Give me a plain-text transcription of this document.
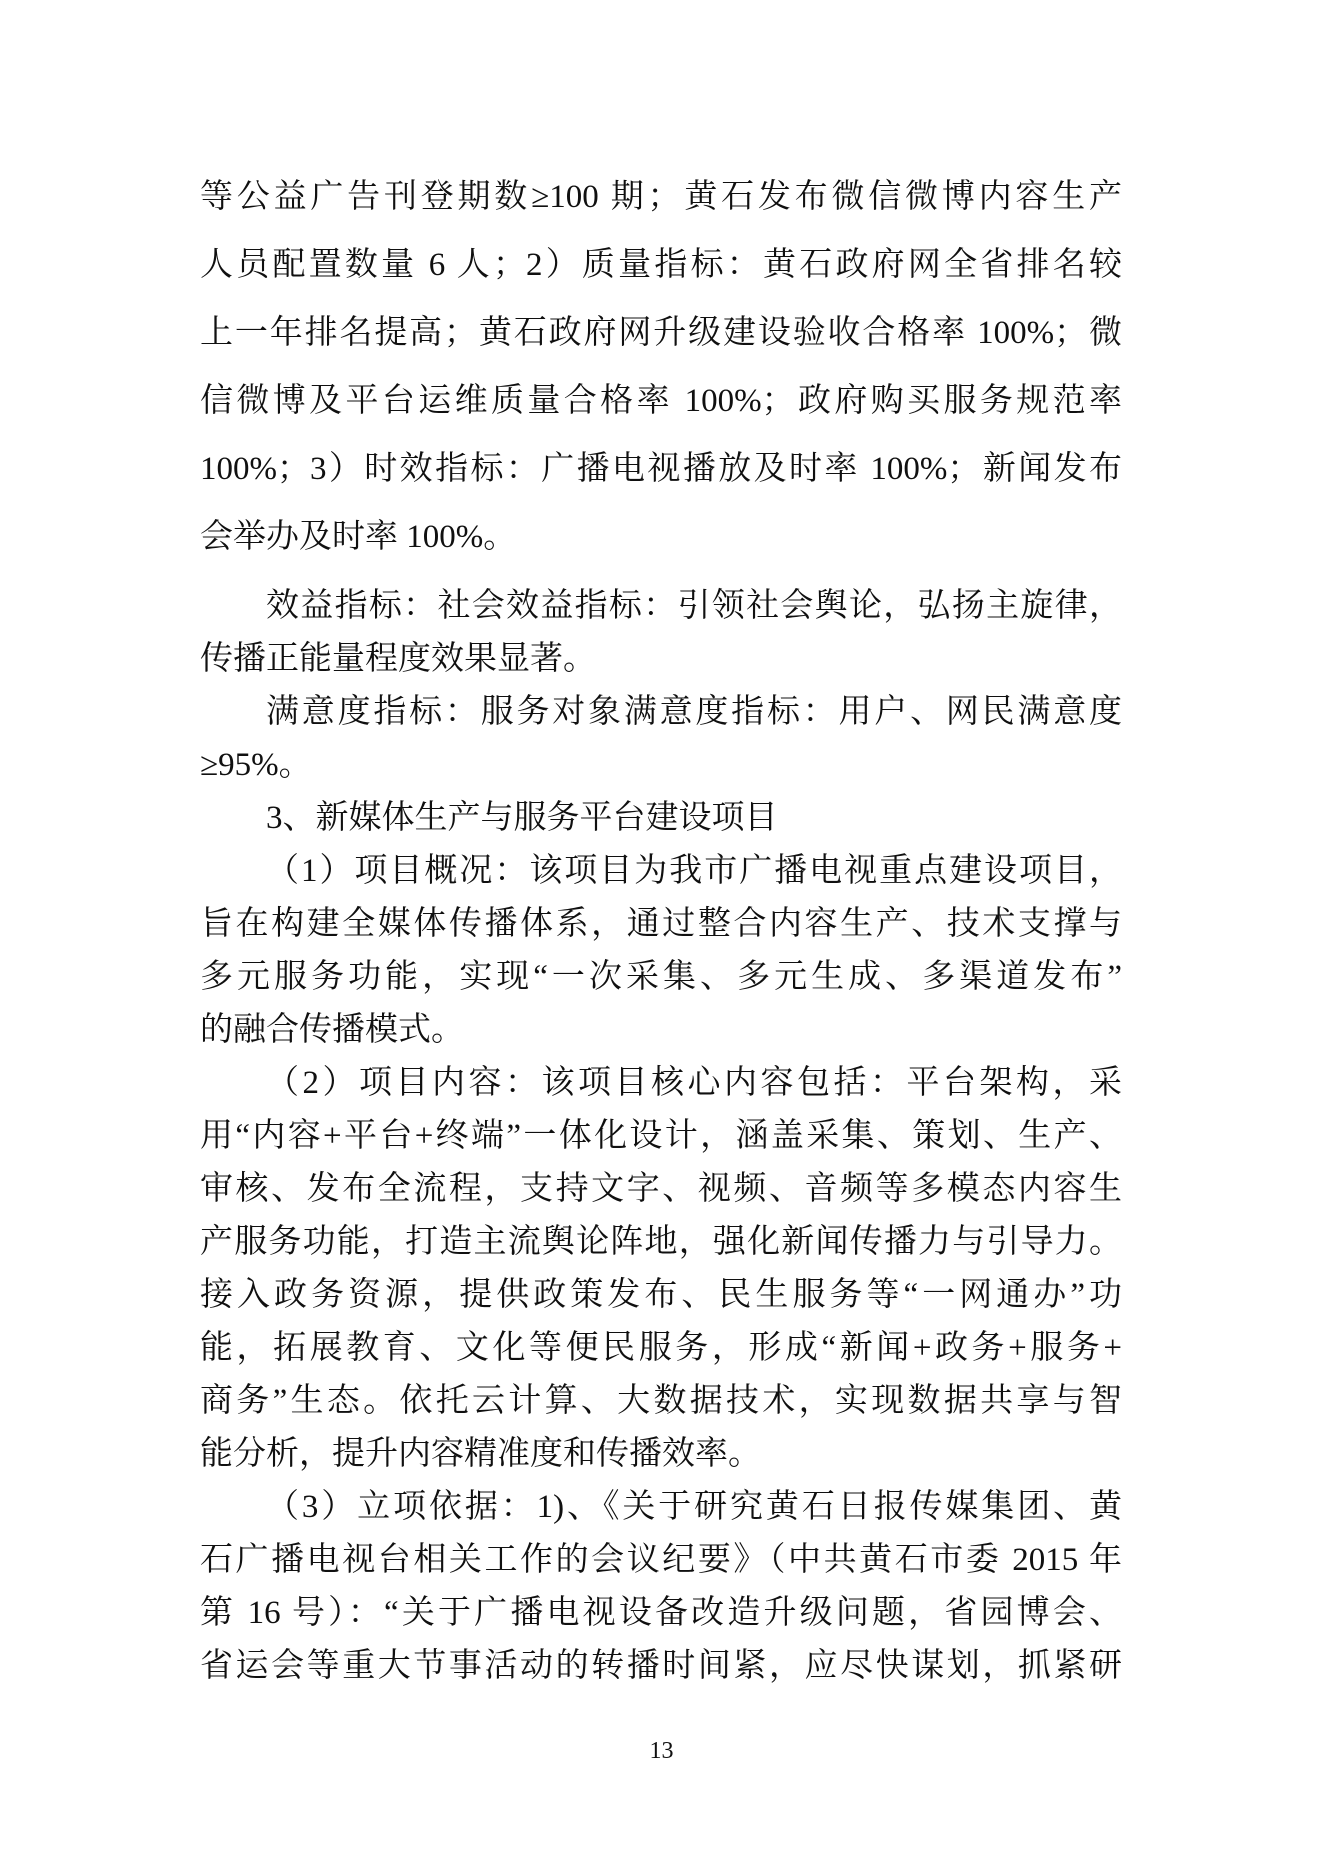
等公益广告刊登期数≥100 期；黄石发布微信微博内容生产
人员配置数量 6 人；2）质量指标：黄石政府网全省排名较
上一年排名提高；黄石政府网升级建设验收合格率 100%；微
信微博及平台运维质量合格率 100%；政府购买服务规范率
100%；3）时效指标：广播电视播放及时率 100%；新闻发布
会举办及时率 100%。
效益指标：社会效益指标：引领社会舆论，弘扬主旋律，
传播正能量程度效果显著。
满意度指标：服务对象满意度指标：用户、网民满意度
≥95%。
3、新媒体生产与服务平台建设项目
（1）项目概况：该项目为我市广播电视重点建设项目，
旨在构建全媒体传播体系，通过整合内容生产、技术支撑与
多元服务功能，实现“一次采集、多元生成、多渠道发布”
的融合传播模式。
（2）项目内容：该项目核心内容包括：平台架构，采
用“内容+平台+终端”一体化设计，涵盖采集、策划、生产、
审核、发布全流程，支持文字、视频、音频等多模态内容生
产服务功能，打造主流舆论阵地，强化新闻传播力与引导力。
接入政务资源，提供政策发布、民生服务等“一网通办”功
能，拓展教育、文化等便民服务，形成“新闻+政务+服务+
商务”生态。依托云计算、大数据技术，实现数据共享与智
能分析，提升内容精准度和传播效率。
（3）立项依据：1)、《关于研究黄石日报传媒集团、黄
石广播电视台相关工作的会议纪要》（中共黄石市委 2015 年
第 16 号）：“关于广播电视设备改造升级问题，省园博会、
省运会等重大节事活动的转播时间紧，应尽快谋划，抓紧研
13
